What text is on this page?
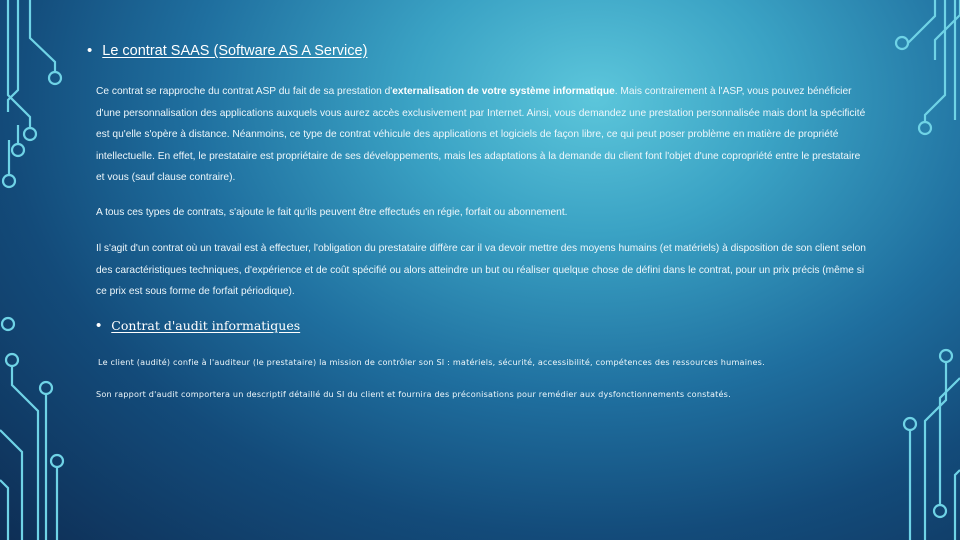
• Le contrat SAAS (Software AS A Service)

Ce contrat se rapproche du contrat ASP du fait de sa prestation d'externalisation de votre système informatique. Mais contrairement à l'ASP, vous pouvez bénéficier d'une personnalisation des applications auxquels vous aurez accès exclusivement par Internet. Ainsi, vous demandez une prestation personnalisée mais dont la spécificité est qu'elle s'opère à distance. Néanmoins, ce type de contrat véhicule des applications et logiciels de façon libre, ce qui peut poser problème en matière de propriété intellectuelle. En effet, le prestataire est propriétaire de ses développements, mais les adaptations à la demande du client font l'objet d'une copropriété entre le prestataire et vous (sauf clause contraire).

A tous ces types de contrats, s'ajoute le fait qu'ils peuvent être effectués en régie, forfait ou abonnement.

Il s'agit d'un contrat où un travail est à effectuer, l'obligation du prestataire diffère car il va devoir mettre des moyens humains (et matériels) à disposition de son client selon des caractéristiques techniques, d'expérience et de coût spécifié ou alors atteindre un but ou réaliser quelque chose de défini dans le contrat, pour un prix précis (même si ce prix est sous forme de forfait périodique).

• Contrat d'audit informatiques

Le client (audité) confie à l'auditeur (le prestataire) la mission de contrôler son SI : matériels, sécurité, accessibilité, compétences des ressources humaines.

Son rapport d'audit comportera un descriptif détaillé du SI du client et fournira des préconisations pour remédier aux dysfonctionnements constatés.
